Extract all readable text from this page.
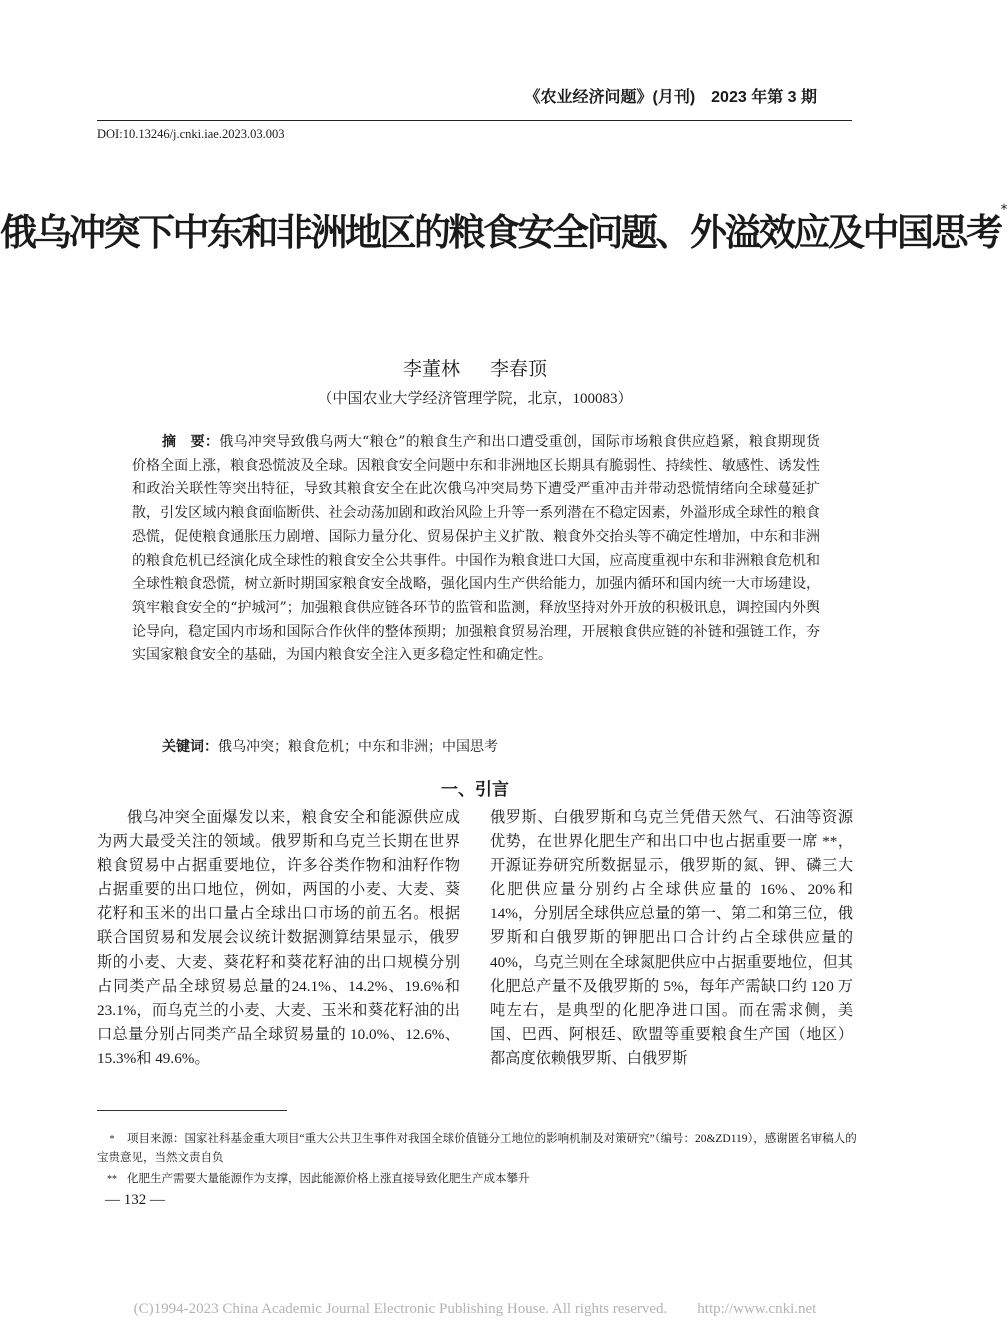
《农业经济问题》(月刊)　2023 年第 3 期
DOI:10.13246/j.cnki.iae.2023.03.003
俄乌冲突下中东和非洲地区的粮食安全问题、外溢效应及中国思考*
李董林 李春顶
（中国农业大学经济管理学院，北京，100083）
摘　要：俄乌冲突导致俄乌两大“粮仓”的粮食生产和出口遭受重创，国际市场粮食供应趋紧，粮食期现货价格全面上涨，粮食恐慌波及全球。因粮食安全问题中东和非洲地区长期具有脆弱性、持续性、敏感性、诱发性和政治关联性等突出特征，导致其粮食安全在此次俄乌冲突局势下遭受严重冲击并带动恐慌情绪向全球蔓延扩散，引发区域内粮食面临断供、社会动荡加剧和政治风险上升等一系列潜在不稳定因素，外溢形成全球性的粮食恐慌，促使粮食通胀压力剧增、国际力量分化、贸易保护主义扩散、粮食外交抬头等不确定性增加，中东和非洲的粮食危机已经演化成全球性的粮食安全公共事件。中国作为粮食进口大国，应高度重视中东和非洲粮食危机和全球性粮食恐慌，树立新时期国家粮食安全战略，强化国内生产供给能力，加强内循环和国内统一大市场建设，筑牢粮食安全的“护城河”；加强粮食供应链各环节的监管和监测，释放坚持对外开放的积极讯息，调控国内外舆论导向，稳定国内市场和国际合作伙伴的整体预期；加强粮食贸易治理，开展粮食供应链的补链和强链工作，夯实国家粮食安全的基础，为国内粮食安全注入更多稳定性和确定性。
关键词：俄乌冲突；粮食危机；中东和非洲；中国思考
一、引言
俄乌冲突全面爆发以来，粮食安全和能源供应成为两大最受关注的领域。俄罗斯和乌克兰长期在世界粮食贸易中占据重要地位，许多谷类作物和油籽作物占据重要的出口地位，例如，两国的小麦、大麦、葵花籽和玉米的出口量占全球出口市场的前五名。根据联合国贸易和发展会议统计数据测算结果显示，俄罗斯的小麦、大麦、葵花籽和葵花籽油的出口规模分别占同类产品全球贸易总量的24.1%、14.2%、19.6%和23.1%，而乌克兰的小麦、大麦、玉米和葵花籽油的出口总量分别占同类产品全球贸易量的 10.0%、12.6%、15.3%和 49.6%。
俄罗斯、白俄罗斯和乌克兰凭借天然气、石油等资源优势，在世界化肥生产和出口中也占据重要一席 **，开源证券研究所数据显示，俄罗斯的氮、钾、磷三大化肥供应量分别约占全球供应量的 16%、20%和 14%，分别居全球供应总量的第一、第二和第三位，俄罗斯和白俄罗斯的钾肥出口合计约占全球供应量的 40%，乌克兰则在全球氮肥供应中占据重要地位，但其化肥总产量不及俄罗斯的 5%，每年产需缺口约 120 万吨左右，是典型的化肥净进口国。而在需求侧，美国、巴西、阿根廷、欧盟等重要粮食生产国（地区）都高度依赖俄罗斯、白俄罗斯
* 项目来源：国家社科基金重大项目“重大公共卫生事件对我国全球价值链分工地位的影响机制及对策研究”（编号：20&ZD119），感谢匿名审稿人的宝贵意见，当然文责自负
** 化肥生产需要大量能源作为支撑，因此能源价格上涨直接导致化肥生产成本攀升
— 132 —
(C)1994-2023 China Academic Journal Electronic Publishing House. All rights reserved.　　http://www.cnki.net
